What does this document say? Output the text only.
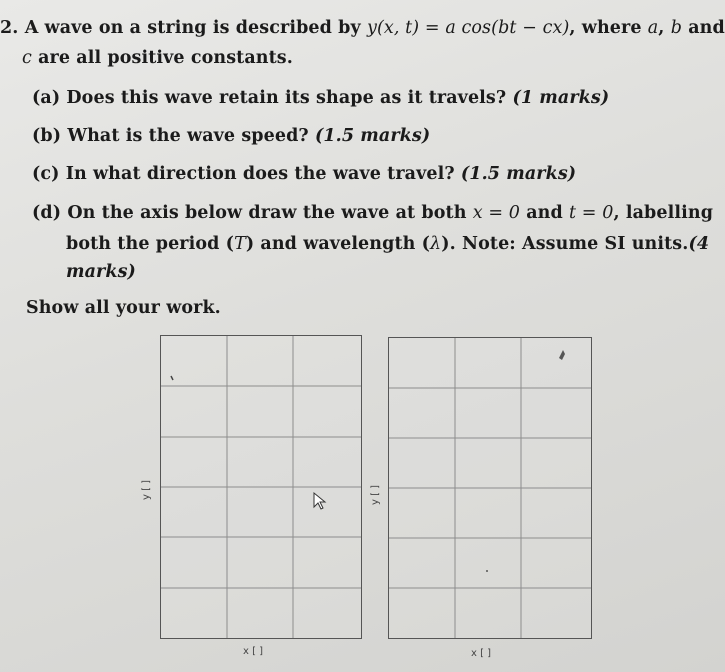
2. A wave on a string is described by y(x, t) = a cos(bt − cx), where a, b and
c are all positive constants.
(a) Does this wave retain its shape as it travels? (1 marks)
(b) What is the wave speed? (1.5 marks)
(c) In what direction does the wave travel? (1.5 marks)
(d) On the axis below draw the wave at both x = 0 and t = 0, labelling
both the period (T) and wavelength (λ). Note: Assume SI units.(4
marks)
Show all your work.
y [ ]
x [ ]
y [ ]
x [ ]
